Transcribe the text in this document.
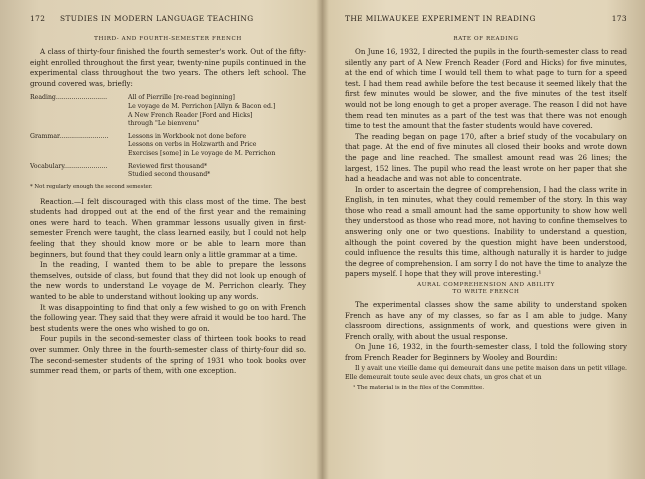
172 STUDIES IN MODERN LANGUAGE TEACHING
THIRD- AND FOURTH-SEMESTER FRENCH

A class of thirty-four finished the fourth semester's work. Out of the fifty-eight enrolled throughout the first year, twenty-nine pupils continued in the experimental class throughout the two years. The others left school. The ground covered was, briefly:

Reading..........................	All of Pierrille [re-read beginning]
Le voyage de M. Perrichon [Allyn & Bacon ed.]
A New French Reader [Ford and Hicks]
through "Le bienvenu"
Grammar.........................	Lessons in Workbook not done before
Lessons on verbs in Holzwarth and Price
Exercises [some] in Le voyage de M. Perrichon
Vocabulary......................	Reviewed first thousand*
Studied second thousand*

* Not regularly enough the second semester.

Reaction.—I felt discouraged with this class most of the time. The best students had dropped out at the end of the first year and the remaining ones were hard to teach. When grammar lessons usually given in first-semester French were taught, the class learned easily, but I could not help feeling that they should know more or be able to learn more than beginners, but found that they could learn only a little grammar at a time.

In the reading, I wanted them to be able to prepare the lessons themselves, outside of class, but found that they did not look up enough of the new words to understand Le voyage de M. Perrichon clearly. They wanted to be able to understand without looking up any words.

It was disappointing to find that only a few wished to go on with French the following year. They said that they were afraid it would be too hard. The best students were the ones who wished to go on.

Four pupils in the second-semester class of thirteen took books to read over summer. Only three in the fourth-semester class of thirty-four did so. The second-semester students of the spring of 1931 who took books over summer read them, or parts of them, with one exception.

THE MILWAUKEE EXPERIMENT IN READING	173
RATE OF READING

On June 16, 1932, I directed the pupils in the fourth-semester class to read silently any part of A New French Reader (Ford and Hicks) for five minutes, at the end of which time I would tell them to what page to turn for a speed test. I had them read awhile before the test because it seemed likely that the first few minutes would be slower, and the five minutes of the test itself would not be long enough to get a proper average. The reason I did not have them read ten minutes as a part of the test was that there was not enough time to test the amount that the faster students would have covered.

The reading began on page 170, after a brief study of the vocabulary on that page. At the end of five minutes all closed their books and wrote down the page and line reached. The smallest amount read was 26 lines; the largest, 152 lines. The pupil who read the least wrote on her paper that she had a headache and was not able to concentrate.

In order to ascertain the degree of comprehension, I had the class write in English, in ten minutes, what they could remember of the story. In this way those who read a small amount had the same opportunity to show how well they understood as those who read more, not having to confine themselves to answering only one or two questions. Inability to understand a question, although the point covered by the question might have been understood, could influence the results this time, although naturally it is harder to judge the degree of comprehension. I am sorry I do not have the time to analyze the papers myself. I hope that they will prove interesting.¹

AURAL COMPREHENSION AND ABILITY
TO WRITE FRENCH

The experimental classes show the same ability to understand spoken French as have any of my classes, so far as I am able to judge. Many classroom directions, assignments of work, and questions were given in French orally, with about the usual response.

On June 16, 1932, in the fourth-semester class, I told the following story from French Reader for Beginners by Wooley and Bourdin:

Il y avait une vieille dame qui demeurait dans une petite maison dans un petit village. Elle demeurait toute seule avec deux chats, un gros chat et un

¹ The material is in the files of the Committee.
